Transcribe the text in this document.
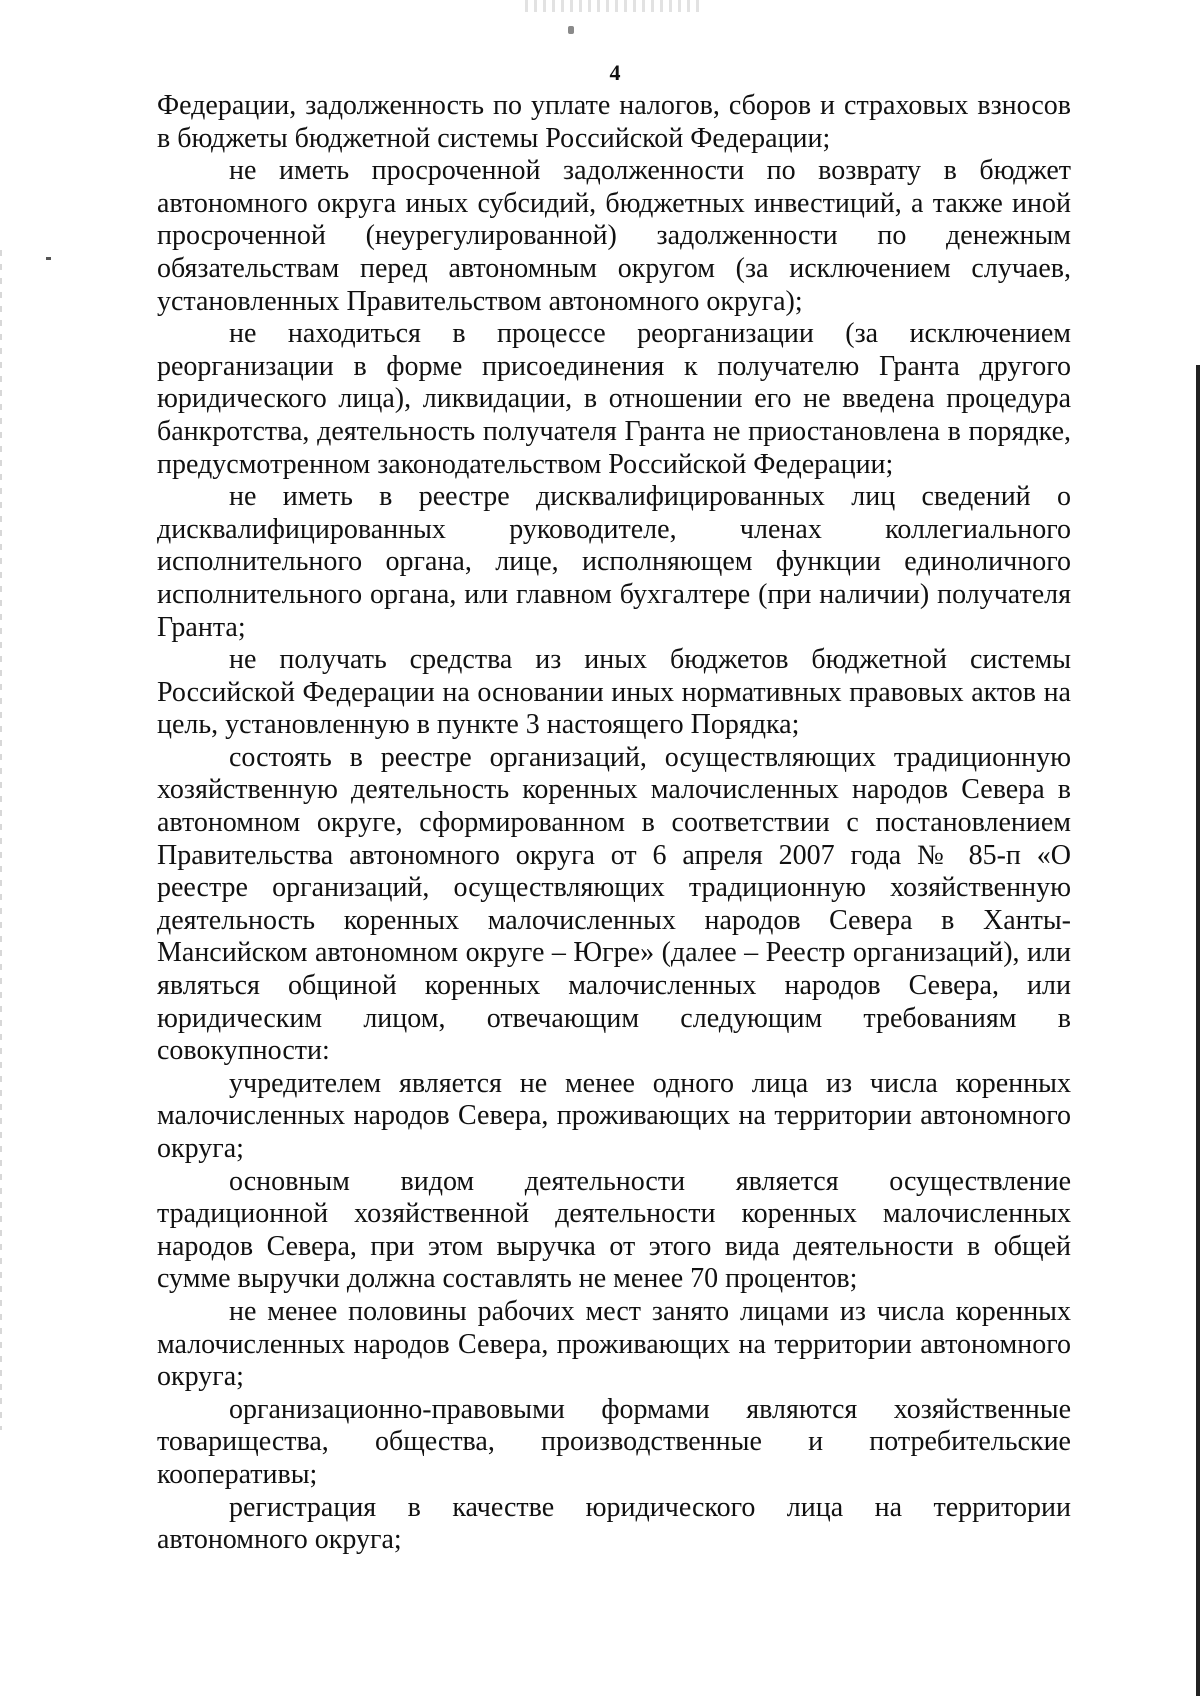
4

Федерации, задолженность по уплате налогов, сборов и страховых взносов в бюджеты бюджетной системы Российской Федерации;

не иметь просроченной задолженности по возврату в бюджет автономного округа иных субсидий, бюджетных инвестиций, а также иной просроченной (неурегулированной) задолженности по денежным обязательствам перед автономным округом (за исключением случаев, установленных Правительством автономного округа);

не находиться в процессе реорганизации (за исключением реорганизации в форме присоединения к получателю Гранта другого юридического лица), ликвидации, в отношении его не введена процедура банкротства, деятельность получателя Гранта не приостановлена в порядке, предусмотренном законодательством Российской Федерации;

не иметь в реестре дисквалифицированных лиц сведений о дисквалифицированных руководителе, членах коллегиального исполнительного органа, лице, исполняющем функции единоличного исполнительного органа, или главном бухгалтере (при наличии) получателя Гранта;

не получать средства из иных бюджетов бюджетной системы Российской Федерации на основании иных нормативных правовых актов на цель, установленную в пункте 3 настоящего Порядка;

состоять в реестре организаций, осуществляющих традиционную хозяйственную деятельность коренных малочисленных народов Севера в автономном округе, сформированном в соответствии с постановлением Правительства автономного округа от 6 апреля 2007 года № 85-п «О реестре организаций, осуществляющих традиционную хозяйственную деятельность коренных малочисленных народов Севера в Ханты-Мансийском автономном округе – Югре» (далее – Реестр организаций), или являться общиной коренных малочисленных народов Севера, или юридическим лицом, отвечающим следующим требованиям в совокупности:

учредителем является не менее одного лица из числа коренных малочисленных народов Севера, проживающих на территории автономного округа;

основным видом деятельности является осуществление традиционной хозяйственной деятельности коренных малочисленных народов Севера, при этом выручка от этого вида деятельности в общей сумме выручки должна составлять не менее 70 процентов;

не менее половины рабочих мест занято лицами из числа коренных малочисленных народов Севера, проживающих на территории автономного округа;

организационно-правовыми формами являются хозяйственные товарищества, общества, производственные и потребительские кооперативы;

регистрация в качестве юридического лица на территории автономного округа;
